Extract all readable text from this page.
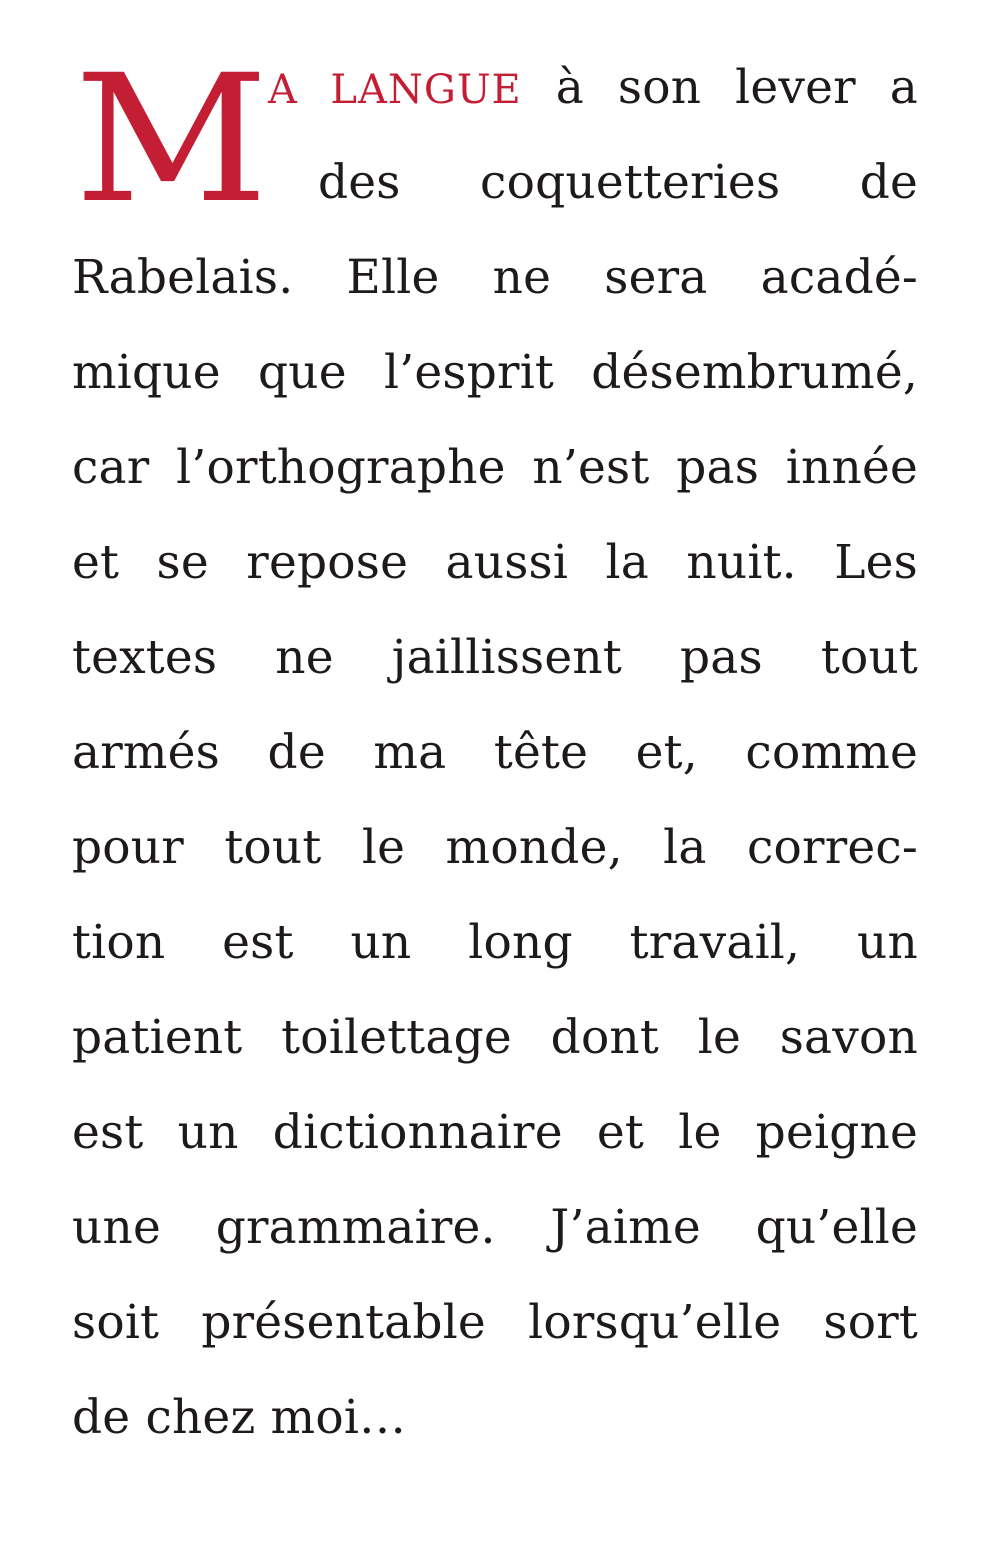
M A LANGUE à son lever a
des coquetteries de
Rabelais. Elle ne sera acadé-
mique que l’esprit désembrumé,
car l’orthographe n’est pas innée
et se repose aussi la nuit. Les
textes ne jaillissent pas tout
armés de ma tête et, comme
pour tout le monde, la correc-
tion est un long travail, un
patient toilettage dont le savon
est un dictionnaire et le peigne
une grammaire. J’aime qu’elle
soit présentable lorsqu’elle sort
de chez moi…
